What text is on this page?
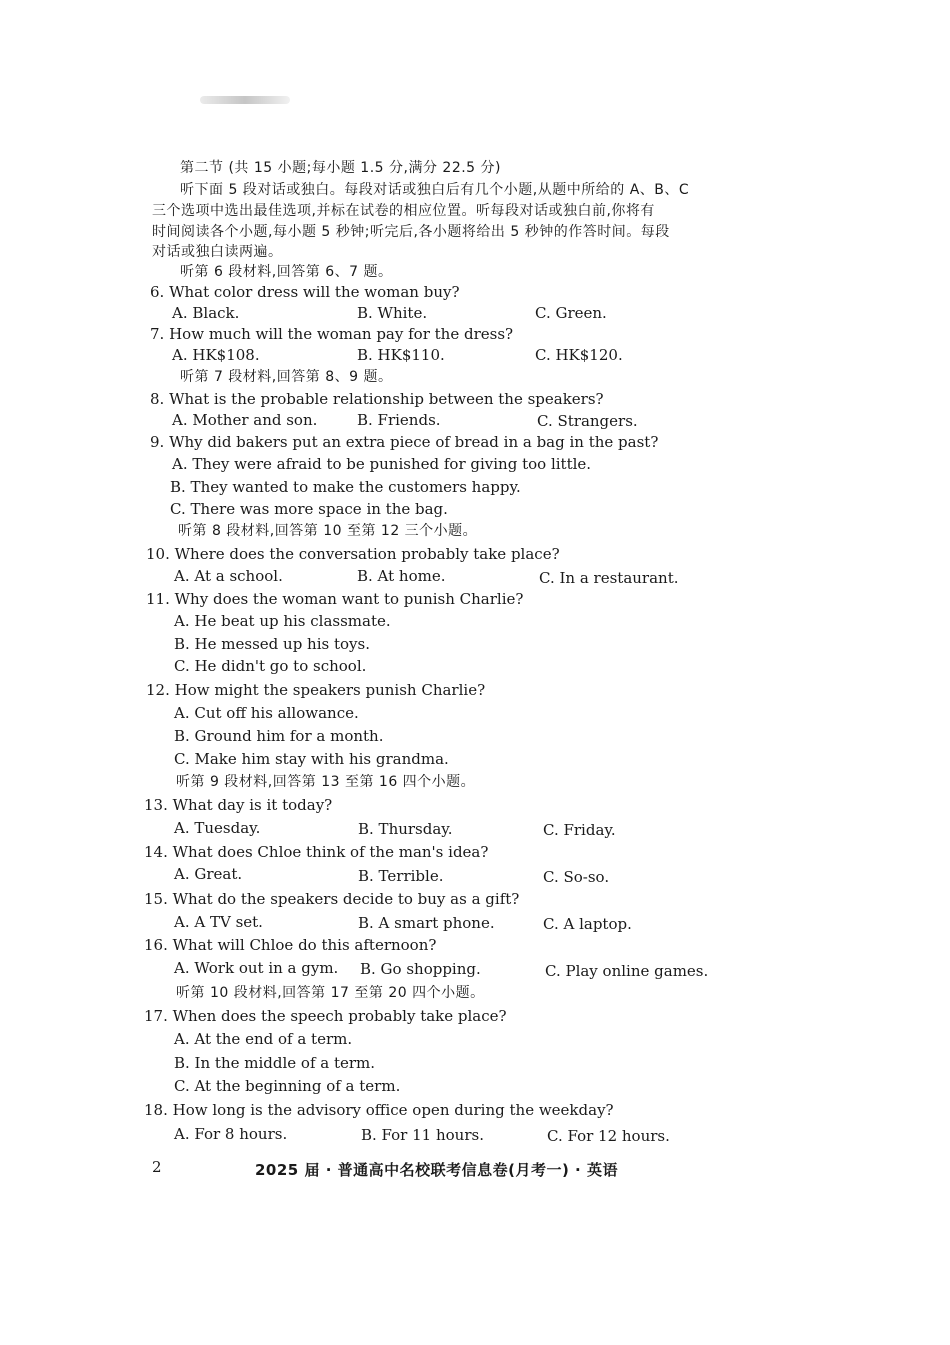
第二节 (共 15 小题;每小题 1.5 分,满分 22.5 分)
听下面 5 段对话或独白。每段对话或独白后有几个小题,从题中所给的 A、B、C
三个选项中选出最佳选项,并标在试卷的相应位置。听每段对话或独白前,你将有
时间阅读各个小题,每小题 5 秒钟;听完后,各小题将给出 5 秒钟的作答时间。每段
对话或独白读两遍。
听第 6 段材料,回答第 6、7 题。
6. What color dress will the woman buy?
A. Black.	B. White.	C. Green.
7. How much will the woman pay for the dress?
A. HK$108.	B. HK$110.	C. HK$120.
听第 7 段材料,回答第 8、9 题。
8. What is the probable relationship between the speakers?
A. Mother and son.	B. Friends.	C. Strangers.
9. Why did bakers put an extra piece of bread in a bag in the past?
A. They were afraid to be punished for giving too little.
B. They wanted to make the customers happy.
C. There was more space in the bag.
听第 8 段材料,回答第 10 至第 12 三个小题。
10. Where does the conversation probably take place?
A. At a school.	B. At home.	C. In a restaurant.
11. Why does the woman want to punish Charlie?
A. He beat up his classmate.
B. He messed up his toys.
C. He didn't go to school.
12. How might the speakers punish Charlie?
A. Cut off his allowance.
B. Ground him for a month.
C. Make him stay with his grandma.
听第 9 段材料,回答第 13 至第 16 四个小题。
13. What day is it today?
A. Tuesday.	B. Thursday.	C. Friday.
14. What does Chloe think of the man's idea?
A. Great.	B. Terrible.	C. So-so.
15. What do the speakers decide to buy as a gift?
A. A TV set.	B. A smart phone.	C. A laptop.
16. What will Chloe do this afternoon?
A. Work out in a gym. B. Go shopping.	C. Play online games.
听第 10 段材料,回答第 17 至第 20 四个小题。
17. When does the speech probably take place?
A. At the end of a term.
B. In the middle of a term.
C. At the beginning of a term.
18. How long is the advisory office open during the weekday?
A. For 8 hours.	B. For 11 hours.	C. For 12 hours.
2	2025 届 · 普通高中名校联考信息卷(月考一) · 英语
